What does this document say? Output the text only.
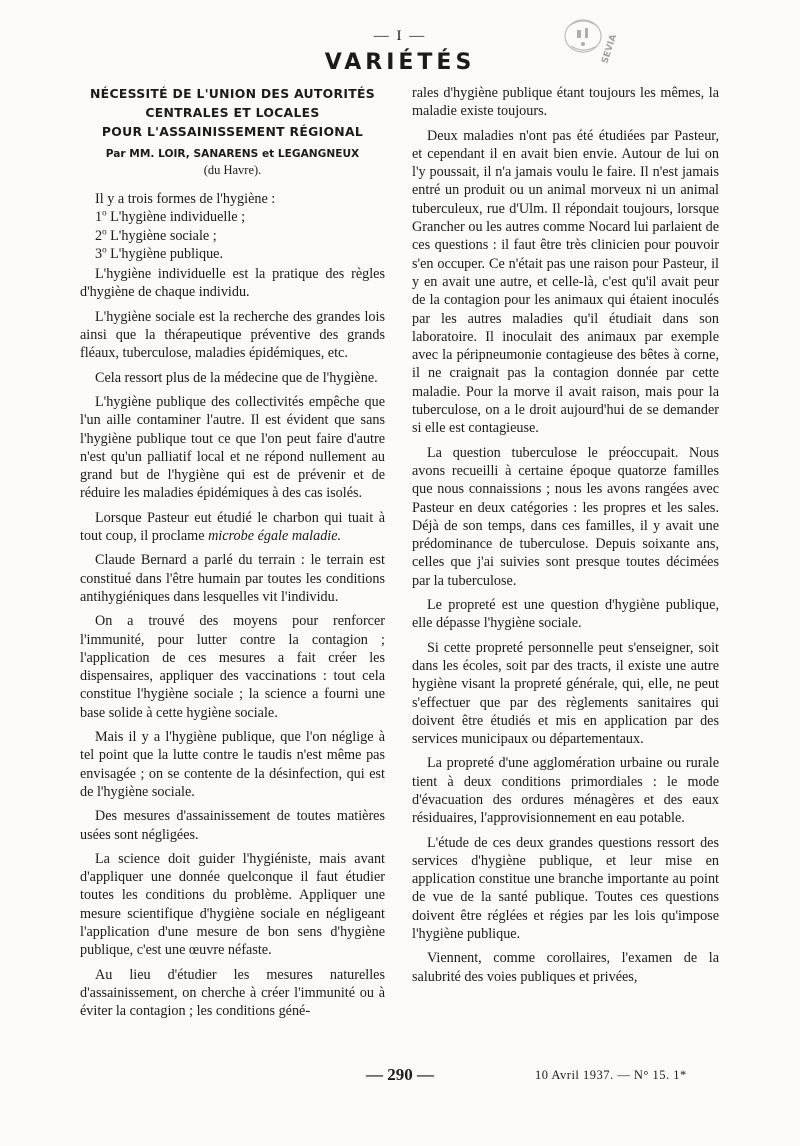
— I —
VARIÉTÉS	SEVIA
NÉCESSITÉ DE L'UNION DES AUTORITÉS
CENTRALES ET LOCALES
POUR L'ASSAINISSEMENT RÉGIONAL
Par MM. LOIR, SANARENS et LEGANGNEUX
(du Havre).

Il y a trois formes de l'hygiène :

1$^o$ L'hygiène individuelle ;

2$^o$ L'hygiène sociale ;

3$^o$ L'hygiène publique.

L'hygiène individuelle est la pratique des règles d'hygiène de chaque individu.

L'hygiène sociale est la recherche des grandes lois ainsi que la thérapeutique préventive des grands fléaux, tuberculose, maladies épidémiques, etc.

Cela ressort plus de la médecine que de l'hygiène.

L'hygiène publique des collectivités empêche que l'un aille contaminer l'autre. Il est évident que sans l'hygiène publique tout ce que l'on peut faire d'autre n'est qu'un palliatif local et ne répond nullement au grand but de l'hygiène qui est de prévenir et de réduire les maladies épidémiques à des cas isolés.

Lorsque Pasteur eut étudié le charbon qui tuait à tout coup, il proclame microbe égale maladie.

Claude Bernard a parlé du terrain : le terrain est constitué dans l'être humain par toutes les conditions antihygiéniques dans lesquelles vit l'individu.

On a trouvé des moyens pour renforcer l'immunité, pour lutter contre la contagion ; l'application de ces mesures a fait créer les dispensaires, appliquer des vaccinations : tout cela constitue l'hygiène sociale ; la science a fourni une base solide à cette hygiène sociale.

Mais il y a l'hygiène publique, que l'on néglige à tel point que la lutte contre le taudis n'est même pas envisagée ; on se contente de la désinfection, qui est de l'hygiène sociale.

Des mesures d'assainissement de toutes matières usées sont négligées.

La science doit guider l'hygiéniste, mais avant d'appliquer une donnée quelconque il faut étudier toutes les conditions du problème. Appliquer une mesure scientifique d'hygiène sociale en négligeant l'application d'une mesure de bon sens d'hygiène publique, c'est une œuvre néfaste.

Au lieu d'étudier les mesures naturelles d'assainissement, on cherche à créer l'immunité ou à éviter la contagion ; les conditions géné-

rales d'hygiène publique étant toujours les mêmes, la maladie existe toujours.

Deux maladies n'ont pas été étudiées par Pasteur, et cependant il en avait bien envie. Autour de lui on l'y poussait, il n'a jamais voulu le faire. Il n'est jamais entré un produit ou un animal morveux ni un animal tuberculeux, rue d'Ulm. Il répondait toujours, lorsque Grancher ou les autres comme Nocard lui parlaient de ces questions : il faut être très clinicien pour pouvoir s'en occuper. Ce n'était pas une raison pour Pasteur, il y en avait une autre, et celle-là, c'est qu'il avait peur de la contagion pour les animaux qui étaient inoculés par les autres maladies qu'il étudiait dans son laboratoire. Il inoculait des animaux par exemple avec la péripneumonie contagieuse des bêtes à corne, il ne craignait pas la contagion donnée par cette maladie. Pour la morve il avait raison, mais pour la tuberculose, on a le droit aujourd'hui de se demander si elle est contagieuse.

La question tuberculose le préoccupait. Nous avons recueilli à certaine époque quatorze familles que nous connaissions ; nous les avons rangées avec Pasteur en deux catégories : les propres et les sales. Déjà de son temps, dans ces familles, il y avait une prédominance de tuberculose. Depuis soixante ans, celles que j'ai suivies sont presque toutes décimées par la tuberculose.

Le propreté est une question d'hygiène publique, elle dépasse l'hygiène sociale.

Si cette propreté personnelle peut s'enseigner, soit dans les écoles, soit par des tracts, il existe une autre hygiène visant la propreté générale, qui, elle, ne peut s'effectuer que par des règlements sanitaires qui doivent être étudiés et mis en application par des services municipaux ou départementaux.

La propreté d'une agglomération urbaine ou rurale tient à deux conditions primordiales : le mode d'évacuation des ordures ménagères et des eaux résiduaires, l'approvisionnement en eau potable.

L'étude de ces deux grandes questions ressort des services d'hygiène publique, et leur mise en application constitue une branche importante au point de vue de la santé publique. Toutes ces questions doivent être réglées et régies par les lois qu'impose l'hygiène publique.

Viennent, comme corollaires, l'examen de la salubrité des voies publiques et privées,

— 290 —	10 Avril 1937. — N° 15. 1*
